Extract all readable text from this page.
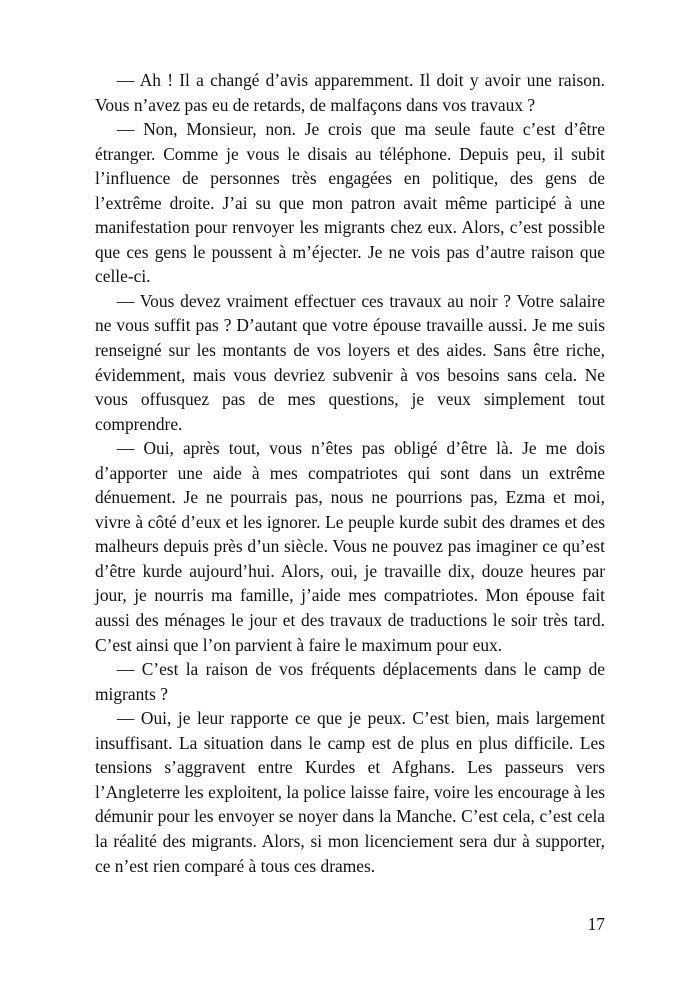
— Ah ! Il a changé d’avis apparemment. Il doit y avoir une raison. Vous n’avez pas eu de retards, de malfaçons dans vos travaux ?

— Non, Monsieur, non. Je crois que ma seule faute c’est d’être étranger. Comme je vous le disais au téléphone. Depuis peu, il subit l’influence de personnes très engagées en politique, des gens de l’extrême droite. J’ai su que mon patron avait même participé à une manifestation pour renvoyer les migrants chez eux. Alors, c’est possible que ces gens le poussent à m’éjecter. Je ne vois pas d’autre raison que celle-ci.

— Vous devez vraiment effectuer ces travaux au noir ? Votre salaire ne vous suffit pas ? D’autant que votre épouse travaille aussi. Je me suis renseigné sur les montants de vos loyers et des aides. Sans être riche, évidemment, mais vous devriez subvenir à vos besoins sans cela. Ne vous offusquez pas de mes questions, je veux simplement tout comprendre.

— Oui, après tout, vous n’êtes pas obligé d’être là. Je me dois d’apporter une aide à mes compatriotes qui sont dans un extrême dénuement. Je ne pourrais pas, nous ne pourrions pas, Ezma et moi, vivre à côté d’eux et les ignorer. Le peuple kurde subit des drames et des malheurs depuis près d’un siècle. Vous ne pouvez pas imaginer ce qu’est d’être kurde aujourd’hui. Alors, oui, je travaille dix, douze heures par jour, je nourris ma famille, j’aide mes compatriotes. Mon épouse fait aussi des ménages le jour et des travaux de traductions le soir très tard. C’est ainsi que l’on parvient à faire le maximum pour eux.

— C’est la raison de vos fréquents déplacements dans le camp de migrants ?

— Oui, je leur rapporte ce que je peux. C’est bien, mais largement insuffisant. La situation dans le camp est de plus en plus difficile. Les tensions s’aggravent entre Kurdes et Afghans. Les passeurs vers l’Angleterre les exploitent, la police laisse faire, voire les encourage à les démunir pour les envoyer se noyer dans la Manche. C’est cela, c’est cela la réalité des migrants. Alors, si mon licenciement sera dur à supporter, ce n’est rien comparé à tous ces drames.

17
